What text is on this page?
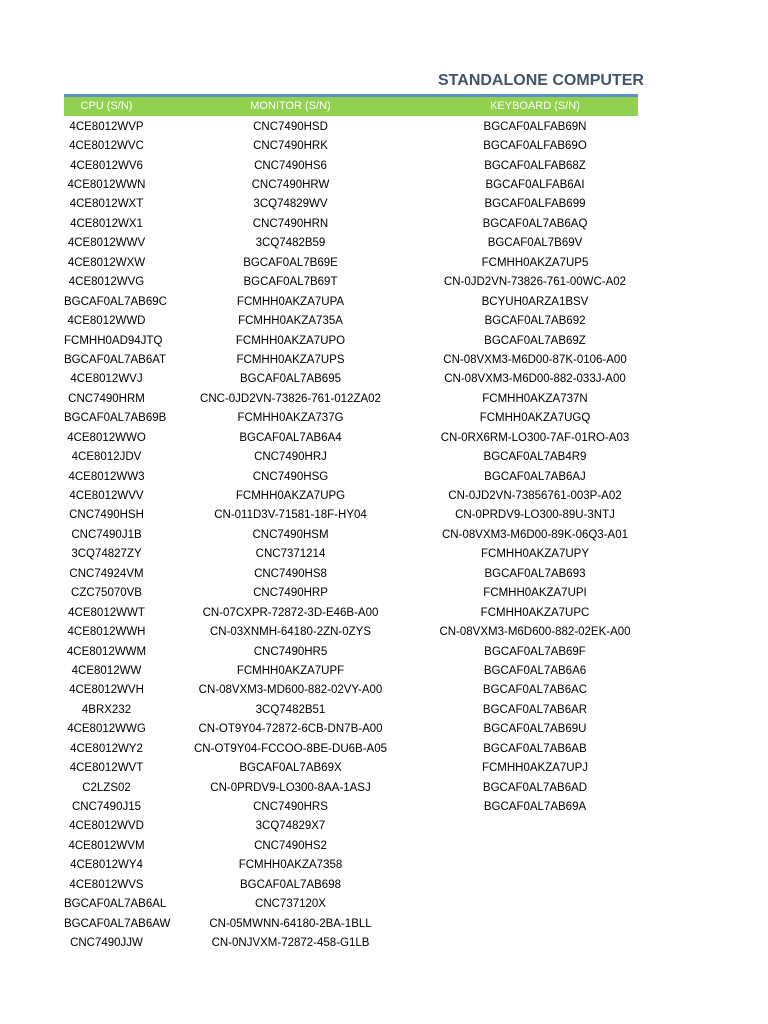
STANDALONE COMPUTER
CPU (S/N)	MONITOR (S/N)	KEYBOARD (S/N)
4CE8012WVP	CNC7490HSD	BGCAF0ALFAB69N
4CE8012WVC	CNC7490HRK	BGCAF0ALFAB69O
4CE8012WV6	CNC7490HS6	BGCAF0ALFAB68Z
4CE8012WWN	CNC7490HRW	BGCAF0ALFAB6AI
4CE8012WXT	3CQ74829WV	BGCAF0ALFAB699
4CE8012WX1	CNC7490HRN	BGCAF0AL7AB6AQ
4CE8012WWV	3CQ7482B59	BGCAF0AL7B69V
4CE8012WXW	BGCAF0AL7B69E	FCMHH0AKZA7UP5
4CE8012WVG	BGCAF0AL7B69T	CN-0JD2VN-73826-761-00WC-A02
BGCAF0AL7AB69C	FCMHH0AKZA7UPA	BCYUH0ARZA1BSV
4CE8012WWD	FCMHH0AKZA735A	BGCAF0AL7AB692
FCMHH0AD94JTQ	FCMHH0AKZA7UPO	BGCAF0AL7AB69Z
BGCAF0AL7AB6AT	FCMHH0AKZA7UPS	CN-08VXM3-M6D00-87K-0106-A00
4CE8012WVJ	BGCAF0AL7AB695	CN-08VXM3-M6D00-882-033J-A00
CNC7490HRM	CNC-0JD2VN-73826-761-012ZA02	FCMHH0AKZA737N
BGCAF0AL7AB69B	FCMHH0AKZA737G	FCMHH0AKZA7UGQ
4CE8012WWO	BGCAF0AL7AB6A4	CN-0RX6RM-LO300-7AF-01RO-A03
4CE8012JDV	CNC7490HRJ	BGCAF0AL7AB4R9
4CE8012WW3	CNC7490HSG	BGCAF0AL7AB6AJ
4CE8012WVV	FCMHH0AKZA7UPG	CN-0JD2VN-73856761-003P-A02
CNC7490HSH	CN-011D3V-71581-18F-HY04	CN-0PRDV9-LO300-89U-3NTJ
CNC7490J1B	CNC7490HSM	CN-08VXM3-M6D00-89K-06Q3-A01
3CQ74827ZY	CNC7371214	FCMHH0AKZA7UPY
CNC74924VM	CNC7490HS8	BGCAF0AL7AB693
CZC75070VB	CNC7490HRP	FCMHH0AKZA7UPI
4CE8012WWT	CN-07CXPR-72872-3D-E46B-A00	FCMHH0AKZA7UPC
4CE8012WWH	CN-03XNMH-64180-2ZN-0ZYS	CN-08VXM3-M6D600-882-02EK-A00
4CE8012WWM	CNC7490HR5	BGCAF0AL7AB69F
4CE8012WW	FCMHH0AKZA7UPF	BGCAF0AL7AB6A6
4CE8012WVH	CN-08VXM3-MD600-882-02VY-A00	BGCAF0AL7AB6AC
4BRX232	3CQ7482B51	BGCAF0AL7AB6AR
4CE8012WWG	CN-OT9Y04-72872-6CB-DN7B-A00	BGCAF0AL7AB69U
4CE8012WY2	CN-OT9Y04-FCCOO-8BE-DU6B-A05	BGCAF0AL7AB6AB
4CE8012WVT	BGCAF0AL7AB69X	FCMHH0AKZA7UPJ
C2LZS02	CN-0PRDV9-LO300-8AA-1ASJ	BGCAF0AL7AB6AD
CNC7490J15	CNC7490HRS	BGCAF0AL7AB69A
4CE8012WVD	3CQ74829X7
4CE8012WVM	CNC7490HS2
4CE8012WY4	FCMHH0AKZA7358
4CE8012WVS	BGCAF0AL7AB698
BGCAF0AL7AB6AL	CNC737120X
BGCAF0AL7AB6AW	CN-05MWNN-64180-2BA-1BLL
CNC7490JJW	CN-0NJVXM-72872-458-G1LB
